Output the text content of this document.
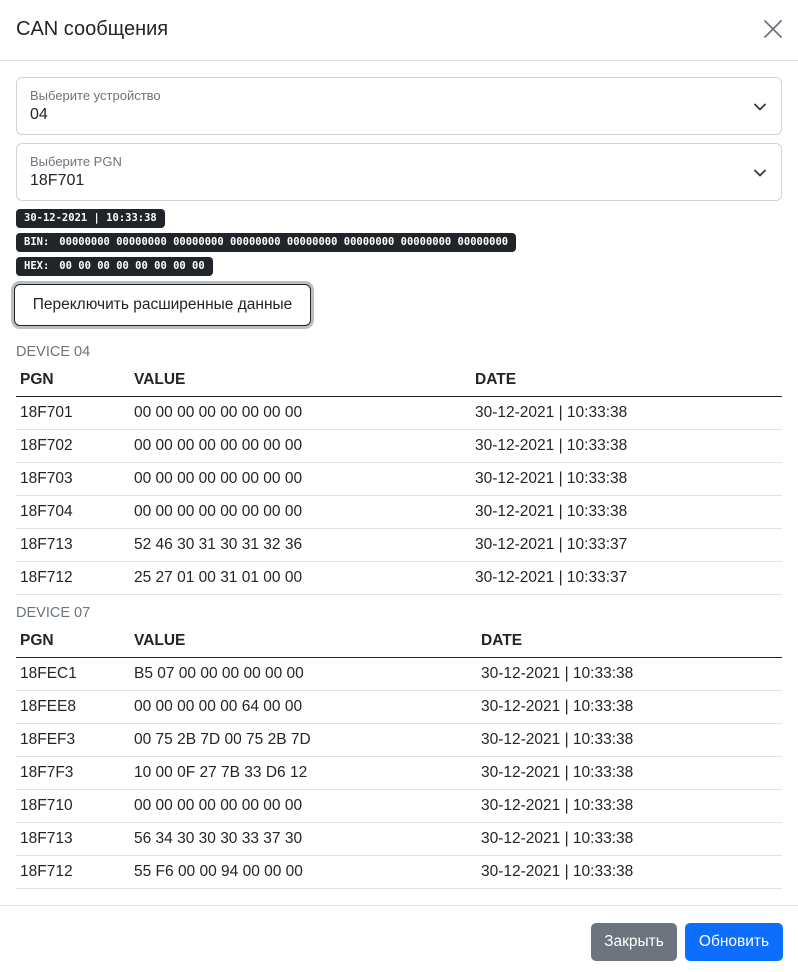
CAN сообщения
Выберите устройство
04
Выберите PGN
18F701
30-12-2021 | 10:33:38
BIN: 00000000 00000000 00000000 00000000 00000000 00000000 00000000 00000000
HEX: 00 00 00 00 00 00 00 00
Переключить расширенные данные
DEVICE 04
PGN	VALUE	DATE
18F701	00 00 00 00 00 00 00 00	30-12-2021 | 10:33:38
18F702	00 00 00 00 00 00 00 00	30-12-2021 | 10:33:38
18F703	00 00 00 00 00 00 00 00	30-12-2021 | 10:33:38
18F704	00 00 00 00 00 00 00 00	30-12-2021 | 10:33:38
18F713	52 46 30 31 30 31 32 36	30-12-2021 | 10:33:37
18F712	25 27 01 00 31 01 00 00	30-12-2021 | 10:33:37
DEVICE 07
PGN	VALUE	DATE
18FEC1	B5 07 00 00 00 00 00 00	30-12-2021 | 10:33:38
18FEE8	00 00 00 00 00 64 00 00	30-12-2021 | 10:33:38
18FEF3	00 75 2B 7D 00 75 2B 7D	30-12-2021 | 10:33:38
18F7F3	10 00 0F 27 7B 33 D6 12	30-12-2021 | 10:33:38
18F710	00 00 00 00 00 00 00 00	30-12-2021 | 10:33:38
18F713	56 34 30 30 30 33 37 30	30-12-2021 | 10:33:38
18F712	55 F6 00 00 94 00 00 00	30-12-2021 | 10:33:38
Закрыть	Обновить
